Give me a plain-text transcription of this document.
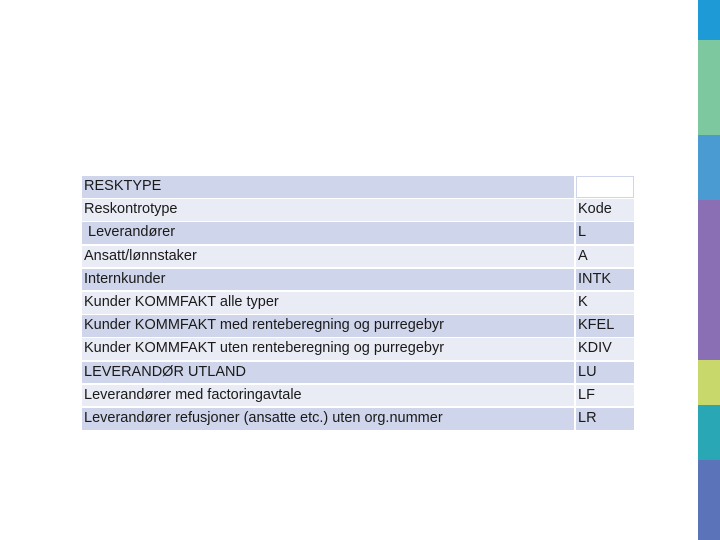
RESKTYPE
Reskontrotype	Kode
Leverandører	L
Ansatt/lønnstaker	A
Internkunder	INTK
Kunder KOMMFAKT alle typer	K
Kunder KOMMFAKT med renteberegning og purregebyr	KFEL
Kunder KOMMFAKT uten renteberegning og purregebyr	KDIV
LEVERANDØR UTLAND	LU
Leverandører med factoringavtale	LF
Leverandører refusjoner (ansatte etc.) uten org.nummer	LR
